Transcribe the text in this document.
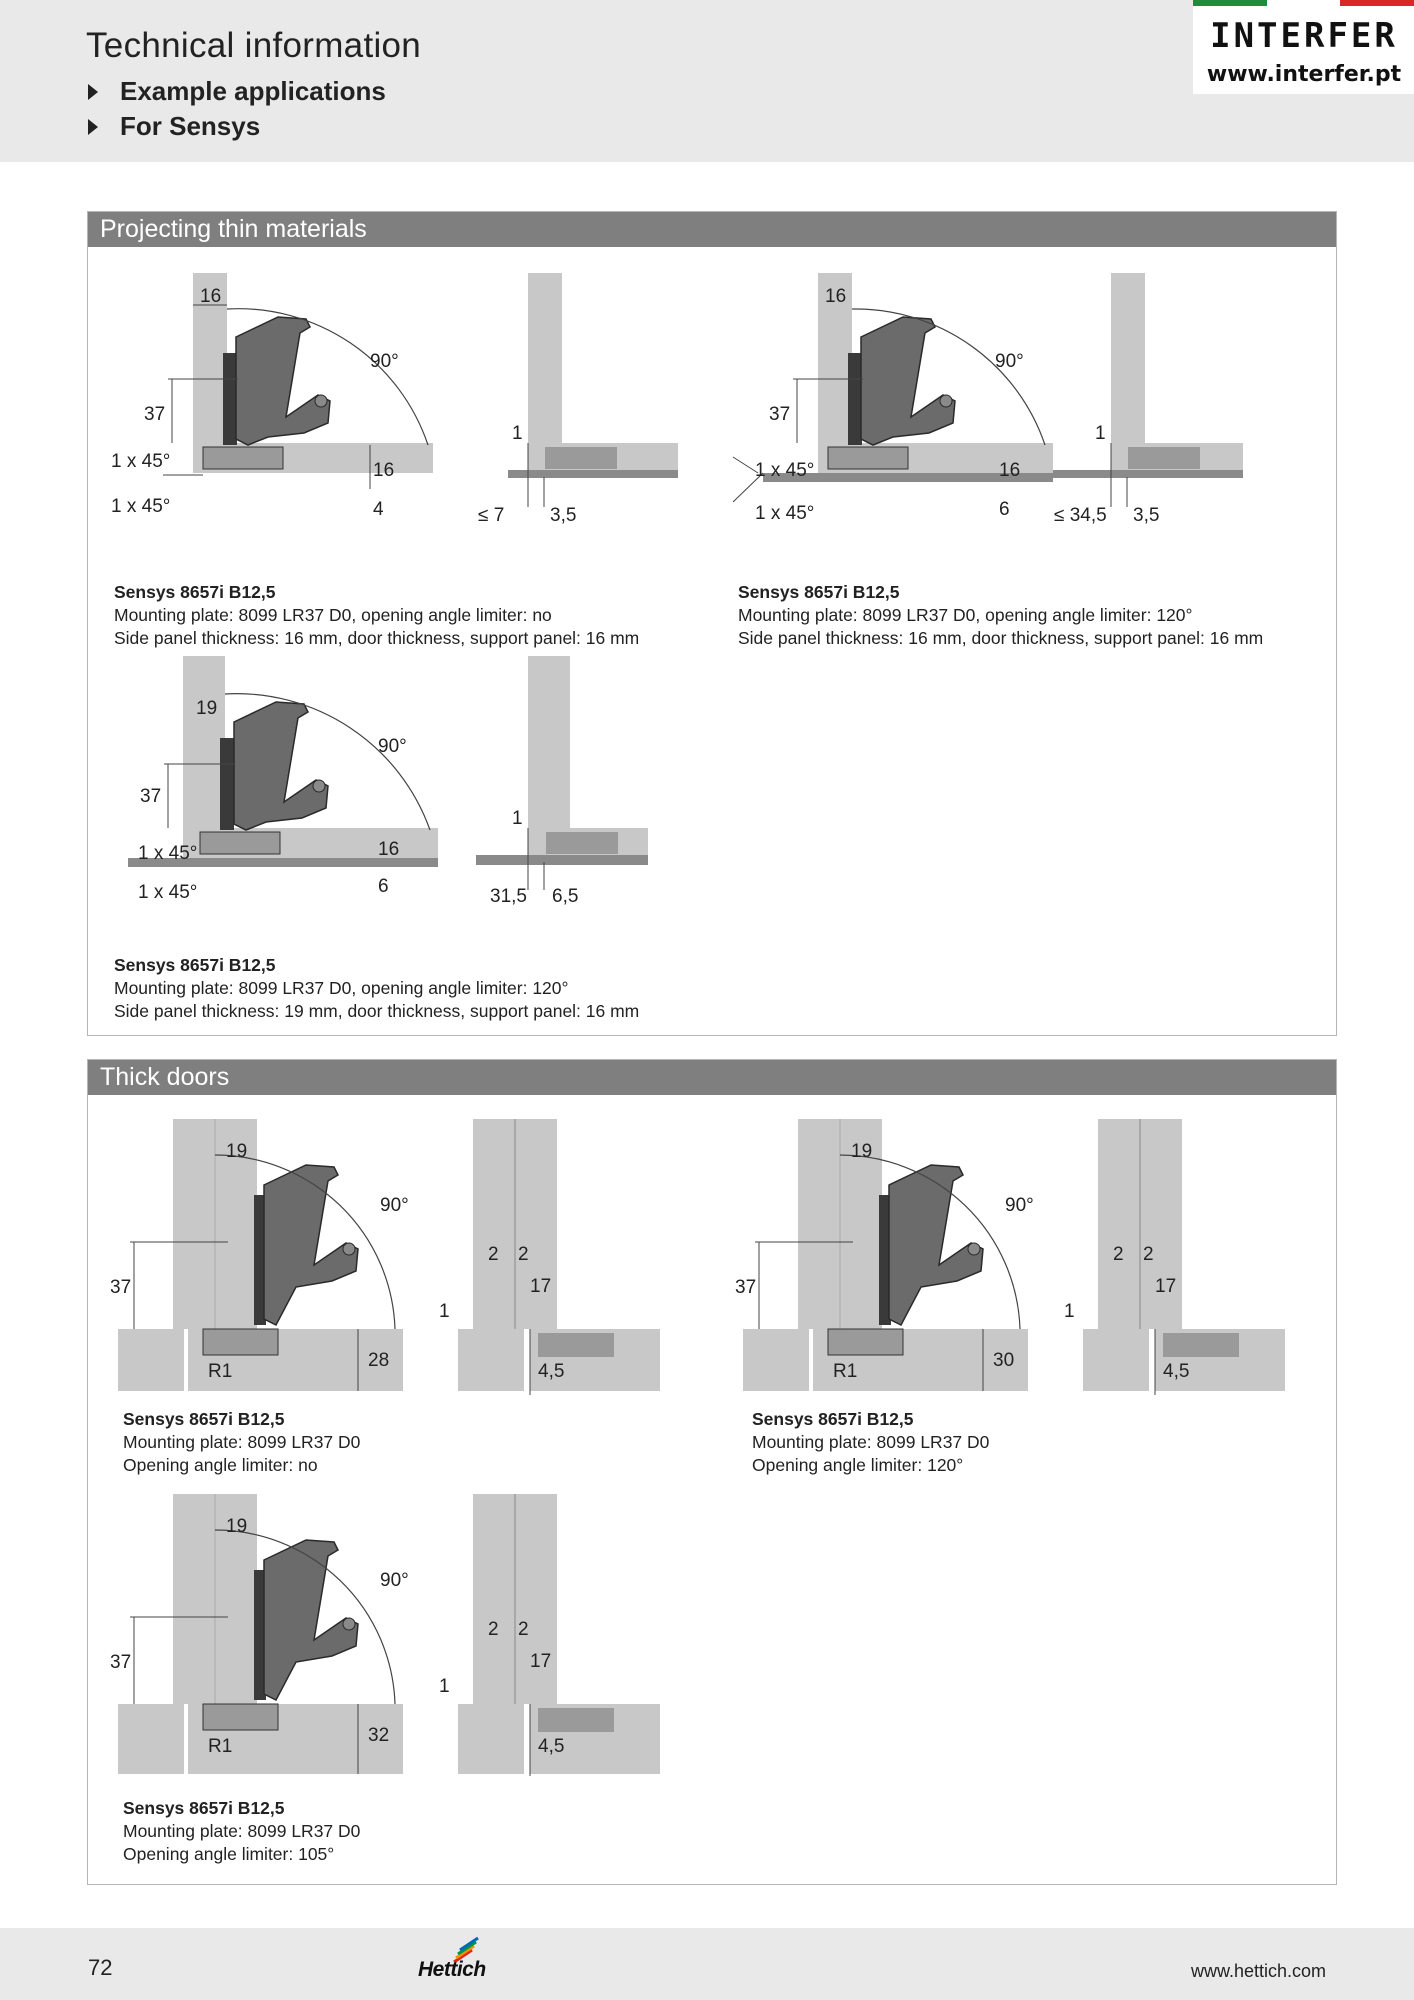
Technical information
Example applications
For Sensys
INTERFER
www.interfer.pt
Projecting thin materials
16
90°
37
1 x 45°
1 x 45°
16
4
1
≤ 7 3,5
Sensys 8657i B12,5
Mounting plate: 8099 LR37 D0, opening angle limiter: no
Side panel thickness: 16 mm, door thickness, support panel: 16 mm
16
90°
37
1 x 45°
1 x 45°
16
6
1
≤ 34,5 3,5
Sensys 8657i B12,5
Mounting plate: 8099 LR37 D0, opening angle limiter: 120°
Side panel thickness: 16 mm, door thickness, support panel: 16 mm
19
90°
37
1 x 45°
1 x 45°
16
6
1
31,5 6,5
Sensys 8657i B12,5
Mounting plate: 8099 LR37 D0, opening angle limiter: 120°
Side panel thickness: 19 mm, door thickness, support panel: 16 mm
Thick doors
19
90°
37
R1
28
2 2
17
1
4,5
Sensys 8657i B12,5
Mounting plate: 8099 LR37 D0
Opening angle limiter: no
19
90°
37
R1
30
2 2
17
1
4,5
Sensys 8657i B12,5
Mounting plate: 8099 LR37 D0
Opening angle limiter: 120°
19
90°
37
R1
32
2 2
17
1
4,5
Sensys 8657i B12,5
Mounting plate: 8099 LR37 D0
Opening angle limiter: 105°
72	Hettich	www.hettich.com
